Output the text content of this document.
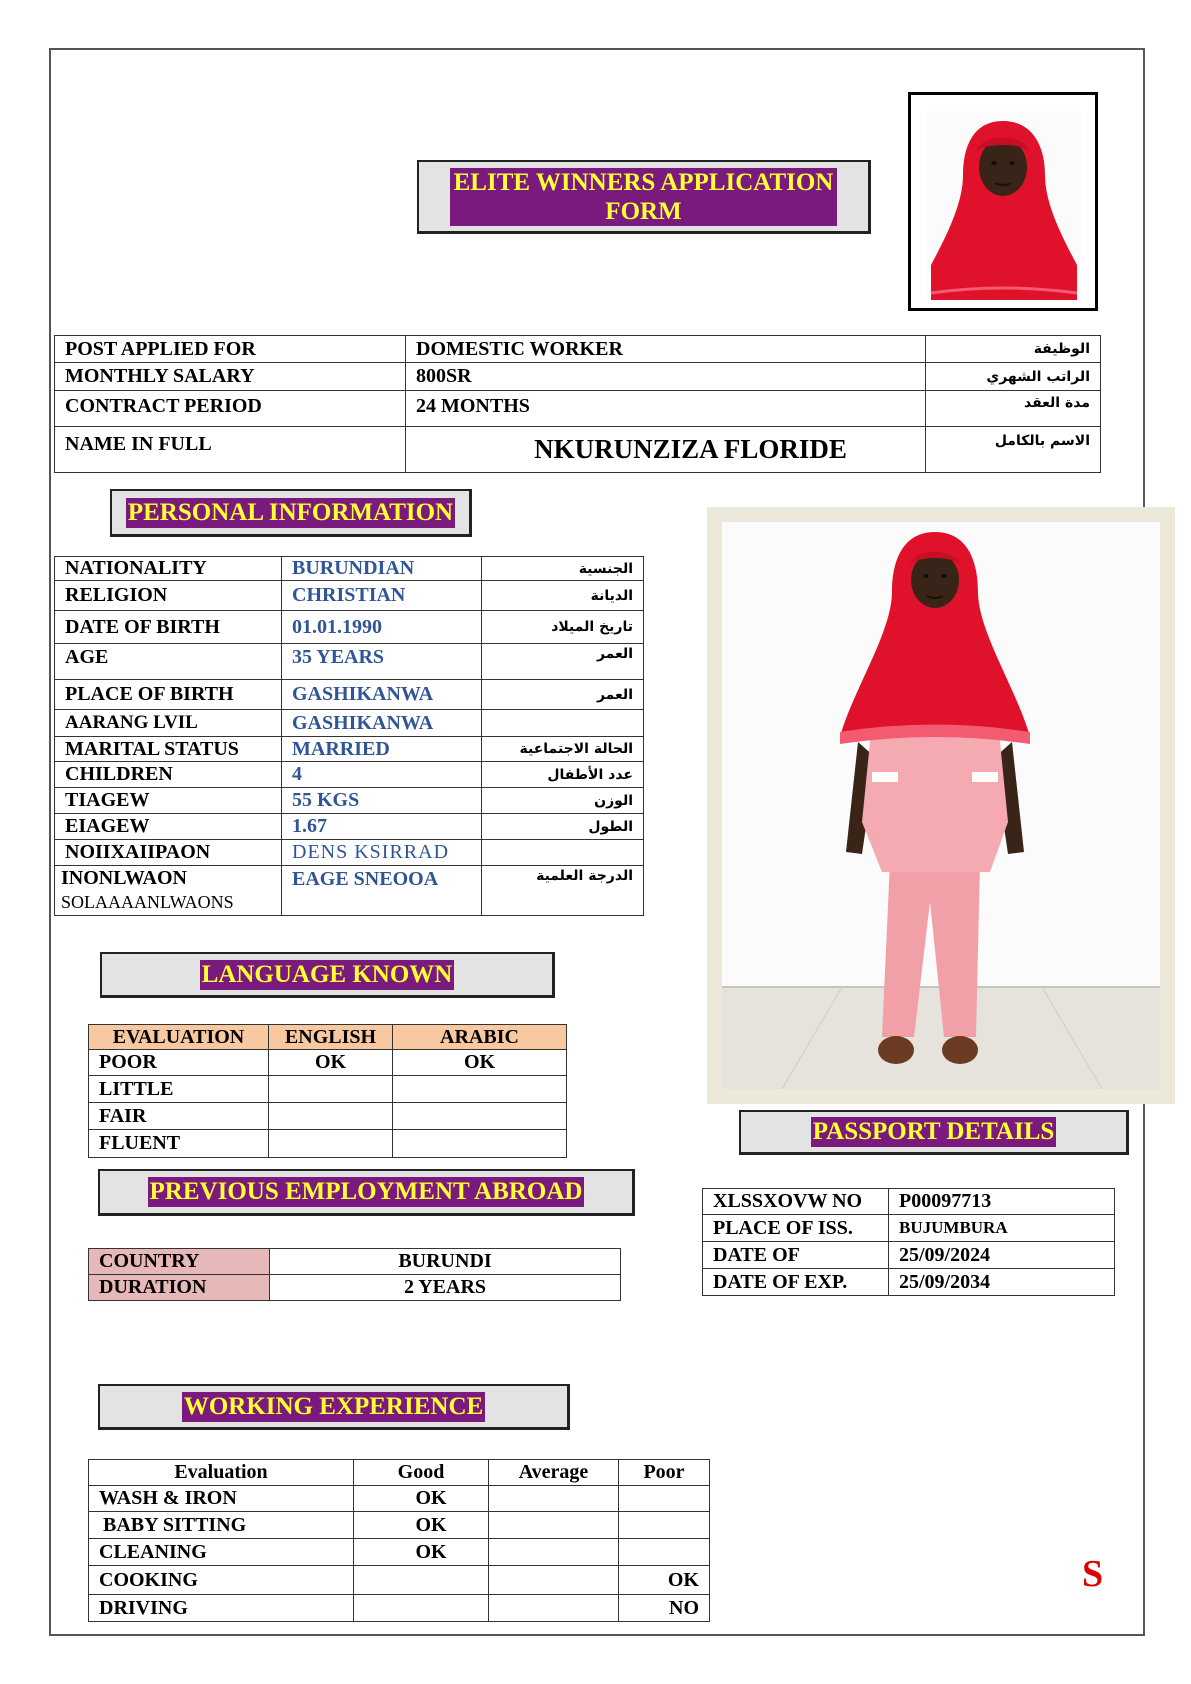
ELITE WINNERS APPLICATION
FORM
POST APPLIED FOR	DOMESTIC WORKER	الوظيفة
MONTHLY SALARY	800SR	الراتب الشهري
CONTRACT PERIOD	24 MONTHS	مدة العقد
NAME IN FULL	NKURUNZIZA FLORIDE	الاسم بالكامل
PERSONAL INFORMATION
NATIONALITY	BURUNDIAN	الجنسية
RELIGION	CHRISTIAN	الديانة
DATE OF BIRTH	01.01.1990	تاريخ الميلاد
AGE	35 YEARS	العمر
PLACE OF BIRTH	GASHIKANWA	العمر
AARANG LVIL	GASHIKANWA	
MARITAL STATUS	MARRIED	الحالة الاجتماعية
CHILDREN	4	عدد الأطفال
TIAGEW	55 KGS	الوزن
EIAGEW	1.67	الطول
NOIIXAIIPAON	DENS KSIRRAD	
INONLWAON
SOLAAAANLWAONS	EAGE SNEOOA	الدرجة العلمية
LANGUAGE KNOWN
EVALUATION	ENGLISH	ARABIC
POOR	OK	OK
LITTLE		
FAIR		
FLUENT		
PREVIOUS EMPLOYMENT ABROAD
COUNTRY	BURUNDI
DURATION	2 YEARS
PASSPORT DETAILS
XLSSXOVW NO	P00097713
PLACE OF ISS.	BUJUMBURA
DATE OF	25/09/2024
DATE OF EXP.	25/09/2034
WORKING EXPERIENCE
Evaluation	Good	Average	Poor
WASH & IRON	OK		
BABY SITTING	OK		
CLEANING	OK		
COOKING			OK
DRIVING			NO
S
